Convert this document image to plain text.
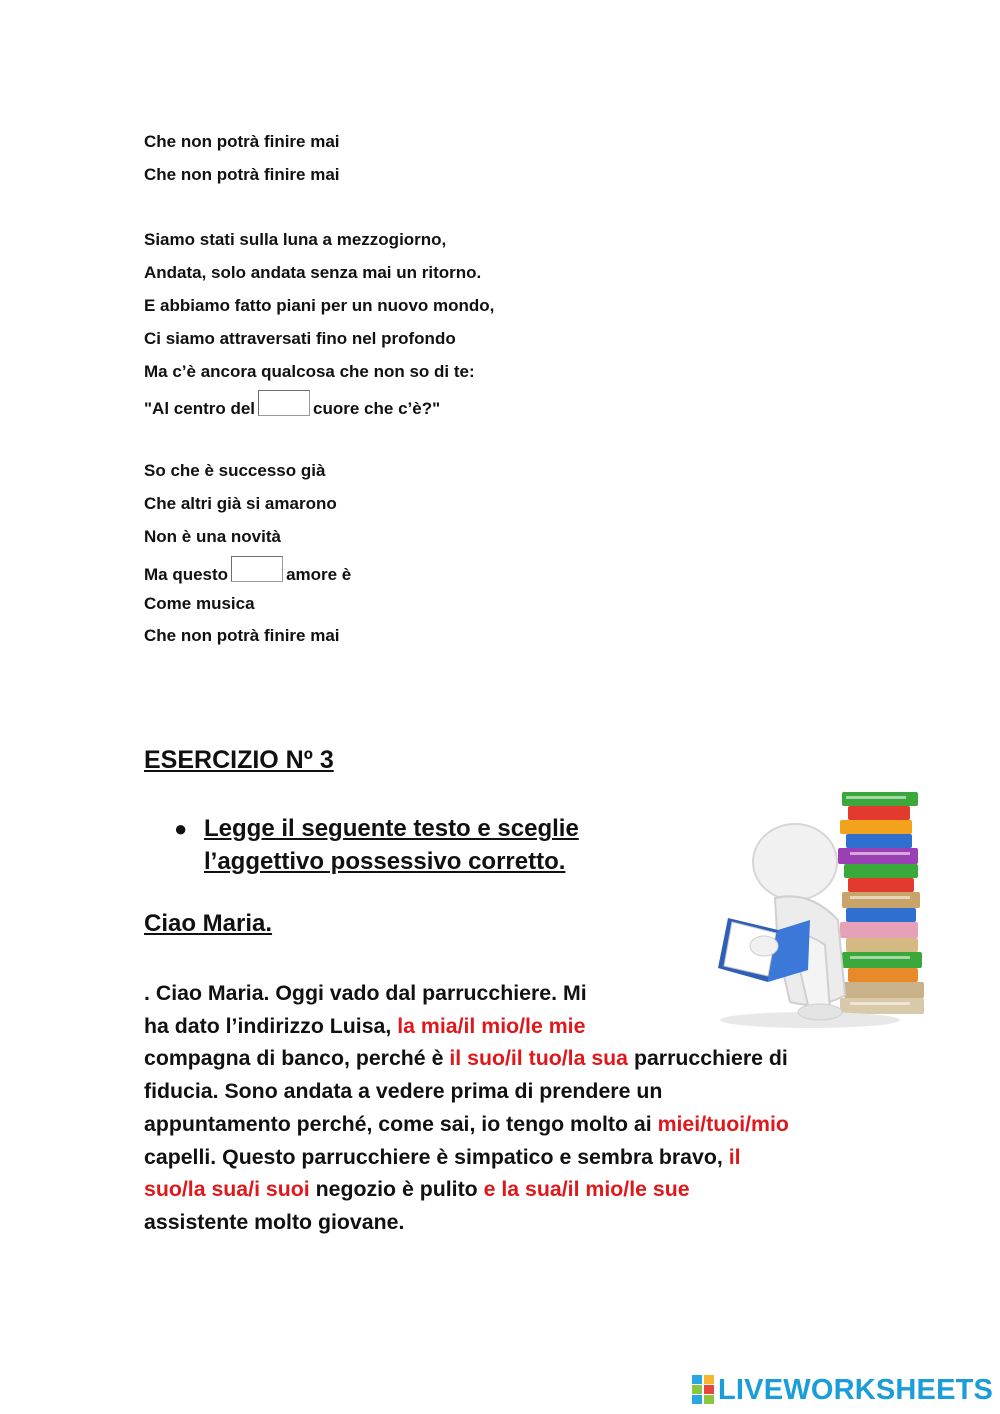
Che non potrà finire mai
Che non potrà finire mai
Siamo stati sulla luna a mezzogiorno,
Andata, solo andata senza mai un ritorno.
E abbiamo fatto piani per un nuovo mondo,
Ci siamo attraversati fino nel profondo
Ma c’è ancora qualcosa che non so di te:
"Al centro del	cuore che c’è?"
So che è successo già
Che altri già si amarono
Non è una novità
Ma questo	amore è
Come musica
Che non potrà finire mai
ESERCIZIO Nº 3
● Legge il seguente testo e sceglie
l’aggettivo possessivo corretto.
Ciao Maria.
. Ciao Maria. Oggi vado dal parrucchiere. Mi
ha dato l’indirizzo Luisa, la mia/il mio/le mie
compagna di banco, perché è il suo/il tuo/la sua parrucchiere di
fiducia. Sono andata a vedere prima di prendere un
appuntamento perché, come sai, io tengo molto ai miei/tuoi/mio
capelli. Questo parrucchiere è simpatico e sembra bravo, il
suo/la sua/i suoi negozio è pulito e la sua/il mio/le sue
assistente molto giovane.
LIVEWORKSHEETS
